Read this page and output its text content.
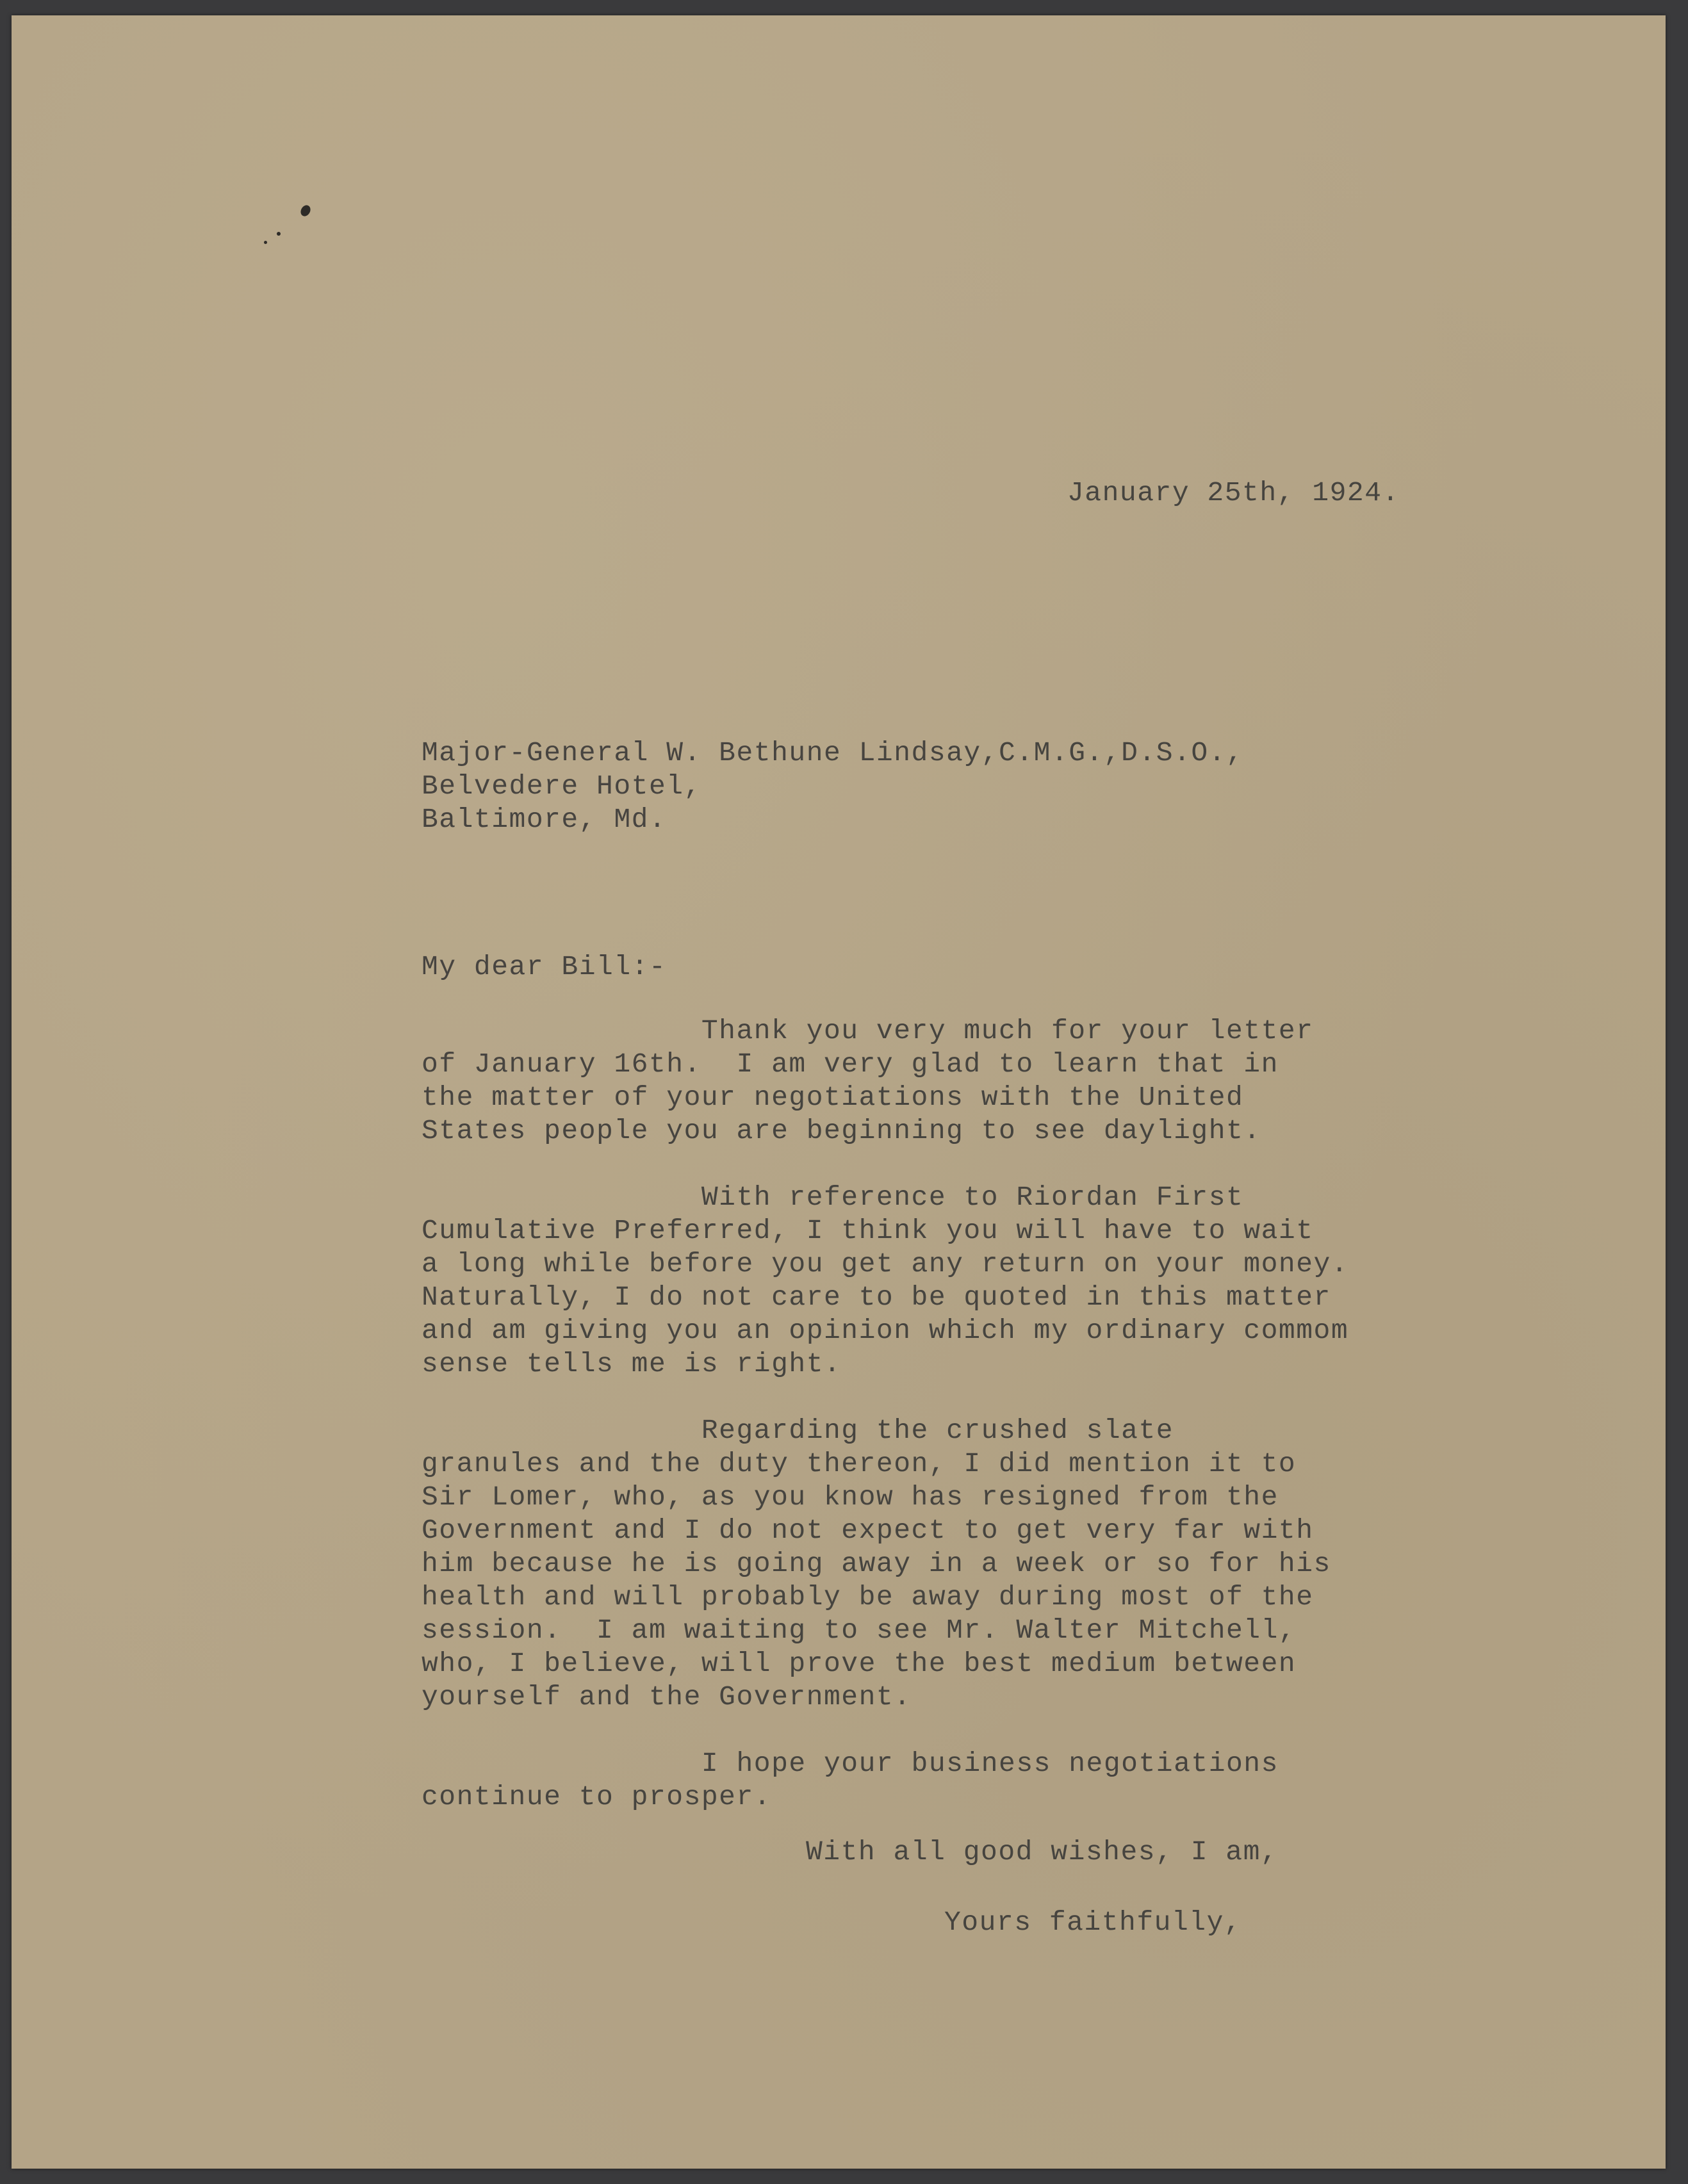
January 25th, 1924.
Major-General W. Bethune Lindsay,C.M.G.,D.S.O.,
Belvedere Hotel,
Baltimore, Md.
My dear Bill:-
Thank you very much for your letter
of January 16th.  I am very glad to learn that in
the matter of your negotiations with the United
States people you are beginning to see daylight.

With reference to Riordan First
Cumulative Preferred, I think you will have to wait
a long while before you get any return on your money.
Naturally, I do not care to be quoted in this matter
and am giving you an opinion which my ordinary commom
sense tells me is right.

Regarding the crushed slate
granules and the duty thereon, I did mention it to
Sir Lomer, who, as you know has resigned from the
Government and I do not expect to get very far with
him because he is going away in a week or so for his
health and will probably be away during most of the
session.  I am waiting to see Mr. Walter Mitchell,
who, I believe, will prove the best medium between
yourself and the Government.

I hope your business negotiations
continue to prosper.
With all good wishes, I am,
Yours faithfully,
